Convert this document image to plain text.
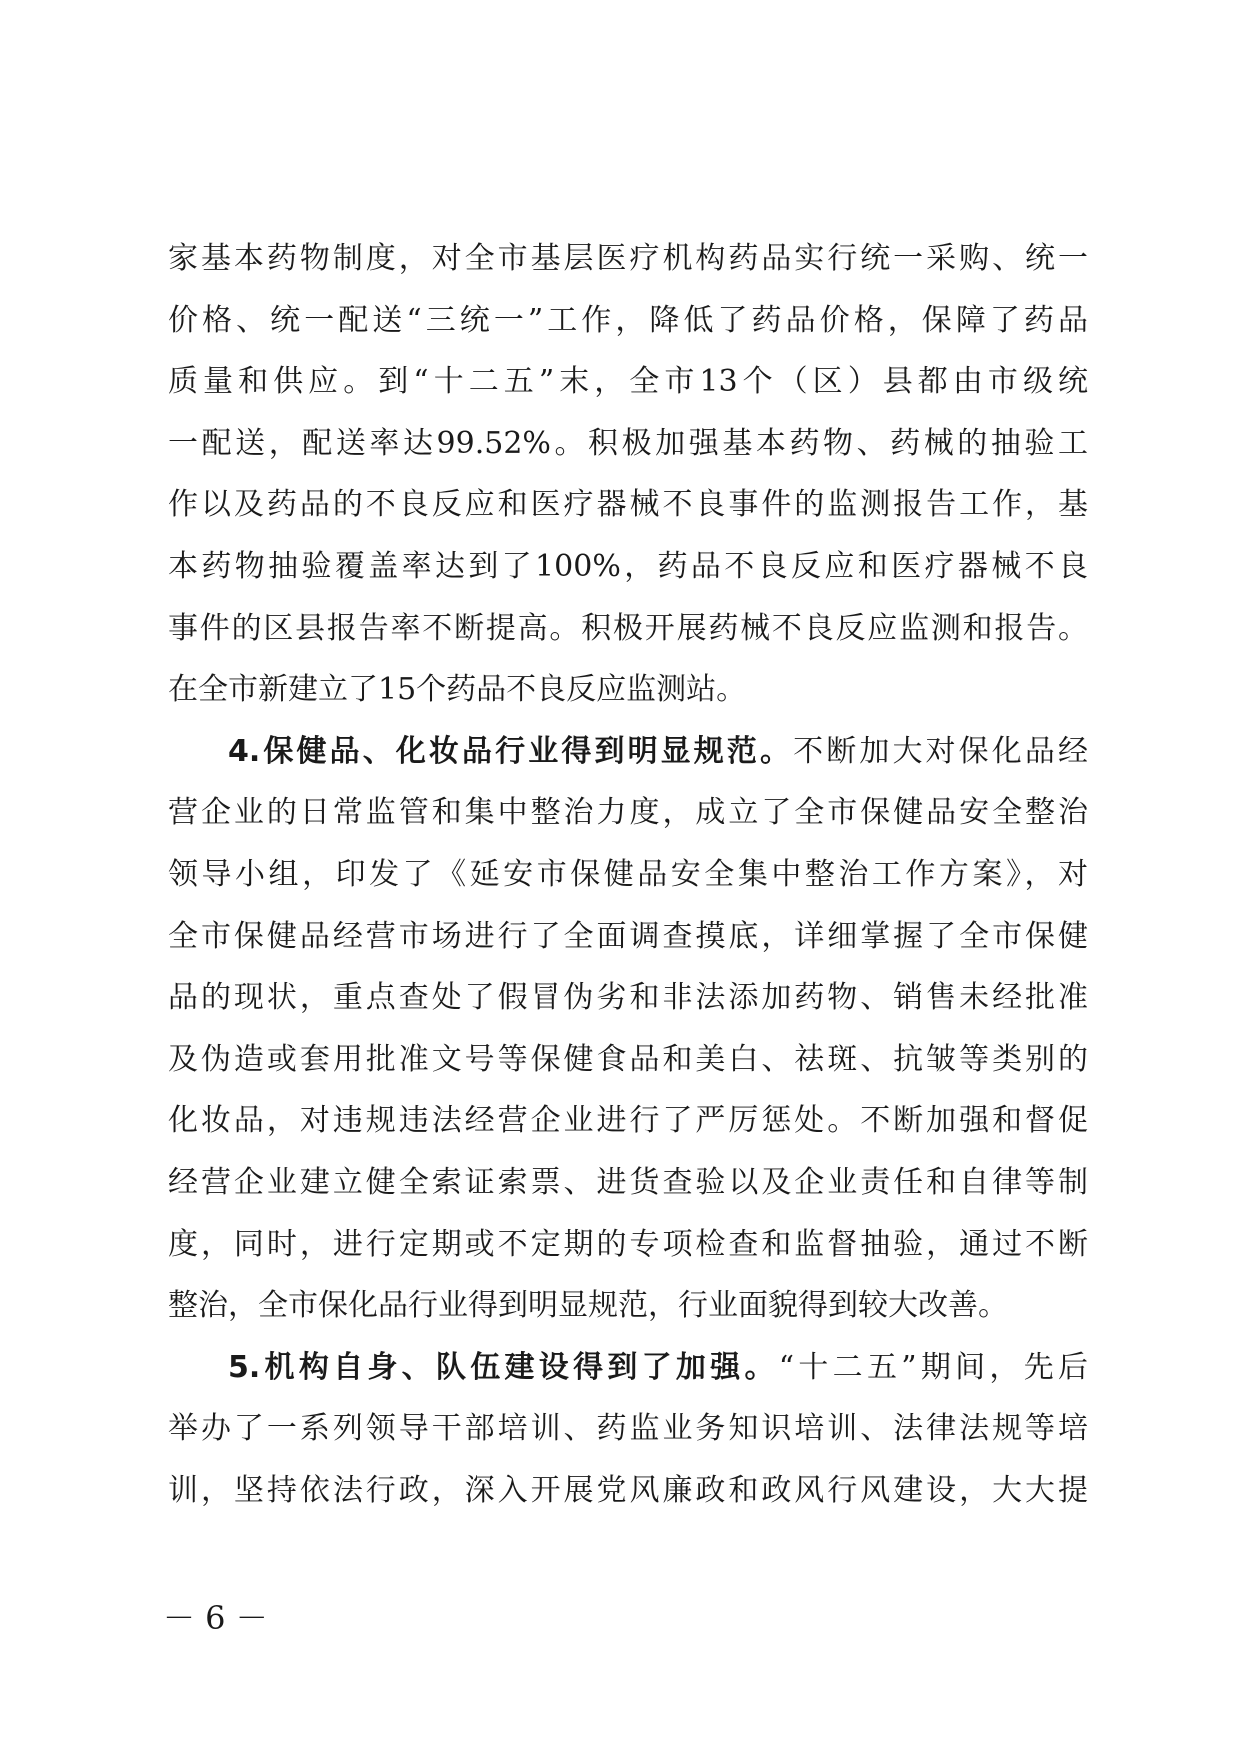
家基本药物制度，对全市基层医疗机构药品实行统一采购、统一
价格、统一配送“三统一”工作，降低了药品价格，保障了药品
质量和供应。到“十二五”末，全市13个（区）县都由市级统
一配送，配送率达99.52%。积极加强基本药物、药械的抽验工
作以及药品的不良反应和医疗器械不良事件的监测报告工作，基
本药物抽验覆盖率达到了100%，药品不良反应和医疗器械不良
事件的区县报告率不断提高。积极开展药械不良反应监测和报告。
在全市新建立了15个药品不良反应监测站。
4.保健品、化妆品行业得到明显规范。不断加大对保化品经
营企业的日常监管和集中整治力度，成立了全市保健品安全整治
领导小组，印发了《延安市保健品安全集中整治工作方案》，对
全市保健品经营市场进行了全面调查摸底，详细掌握了全市保健
品的现状，重点查处了假冒伪劣和非法添加药物、销售未经批准
及伪造或套用批准文号等保健食品和美白、祛斑、抗皱等类别的
化妆品，对违规违法经营企业进行了严厉惩处。不断加强和督促
经营企业建立健全索证索票、进货查验以及企业责任和自律等制
度，同时，进行定期或不定期的专项检查和监督抽验，通过不断
整治，全市保化品行业得到明显规范，行业面貌得到较大改善。
5.机构自身、队伍建设得到了加强。“十二五”期间，先后
举办了一系列领导干部培训、药监业务知识培训、法律法规等培
训，坚持依法行政，深入开展党风廉政和政风行风建设，大大提
－ 6 －
